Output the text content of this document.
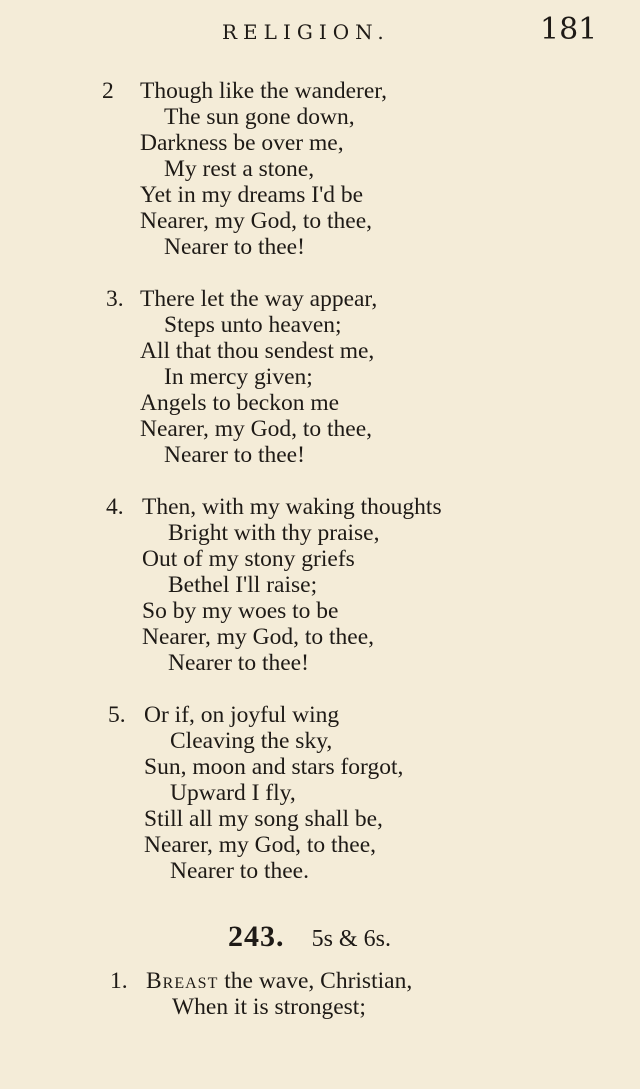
RELIGION.	181
2 Though like the wanderer,
The sun gone down,
Darkness be over me,
My rest a stone,
Yet in my dreams I'd be
Nearer, my God, to thee,
Nearer to thee!
3. There let the way appear,
Steps unto heaven;
All that thou sendest me,
In mercy given;
Angels to beckon me
Nearer, my God, to thee,
Nearer to thee!
4. Then, with my waking thoughts
Bright with thy praise,
Out of my stony griefs
Bethel I'll raise;
So by my woes to be
Nearer, my God, to thee,
Nearer to thee!
5. Or if, on joyful wing
Cleaving the sky,
Sun, moon and stars forgot,
Upward I fly,
Still all my song shall be,
Nearer, my God, to thee,
Nearer to thee.
243. 5s & 6s.
1. Breast the wave, Christian,
When it is strongest;
